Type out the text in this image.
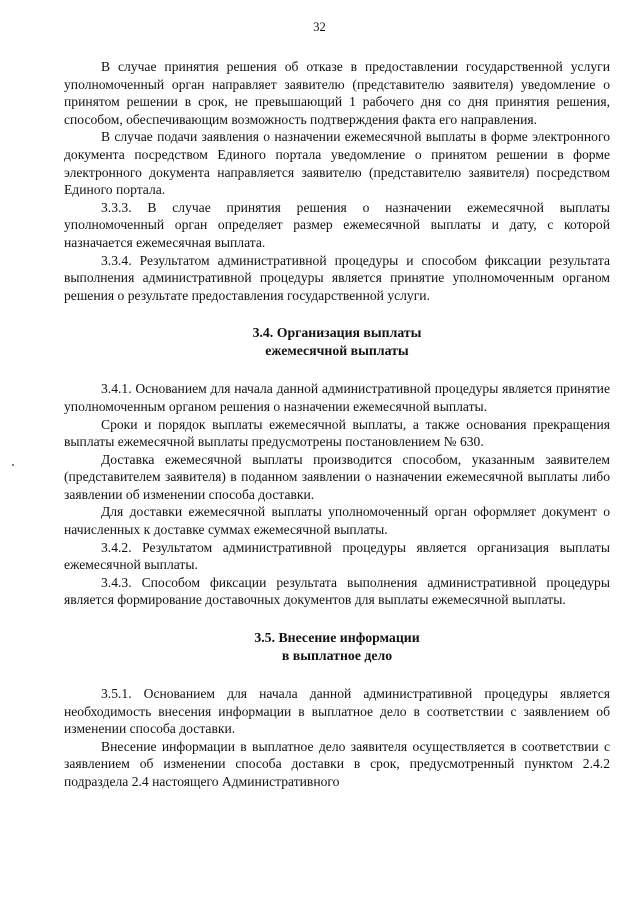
32

В случае принятия решения об отказе в предоставлении государственной услуги уполномоченный орган направляет заявителю (представителю заявителя) уведомление о принятом решении в срок, не превышающий 1 рабочего дня со дня принятия решения, способом, обеспечивающим возможность подтверждения факта его направления.

В случае подачи заявления о назначении ежемесячной выплаты в форме электронного документа посредством Единого портала уведомление о принятом решении в форме электронного документа направляется заявителю (представителю заявителя) посредством Единого портала.

3.3.3. В случае принятия решения о назначении ежемесячной выплаты уполномоченный орган определяет размер ежемесячной выплаты и дату, с которой назначается ежемесячная выплата.

3.3.4. Результатом административной процедуры и способом фиксации результата выполнения административной процедуры является принятие уполномоченным органом решения о результате предоставления государственной услуги.

3.4. Организация выплаты
ежемесячной выплаты

3.4.1. Основанием для начала данной административной процедуры является принятие уполномоченным органом решения о назначении ежемесячной выплаты.

Сроки и порядок выплаты ежемесячной выплаты, а также основания прекращения выплаты ежемесячной выплаты предусмотрены постановлением № 630.

Доставка ежемесячной выплаты производится способом, указанным заявителем (представителем заявителя) в поданном заявлении о назначении ежемесячной выплаты либо заявлении об изменении способа доставки.

Для доставки ежемесячной выплаты уполномоченный орган оформляет документ о начисленных к доставке суммах ежемесячной выплаты.

3.4.2. Результатом административной процедуры является организация выплаты ежемесячной выплаты.

3.4.3. Способом фиксации результата выполнения административной процедуры является формирование доставочных документов для выплаты ежемесячной выплаты.

3.5. Внесение информации
в выплатное дело

3.5.1. Основанием для начала данной административной процедуры является необходимость внесения информации в выплатное дело в соответствии с заявлением об изменении способа доставки.

Внесение информации в выплатное дело заявителя осуществляется в соответствии с заявлением об изменении способа доставки в срок, предусмотренный пунктом 2.4.2 подраздела 2.4 настоящего Административного
